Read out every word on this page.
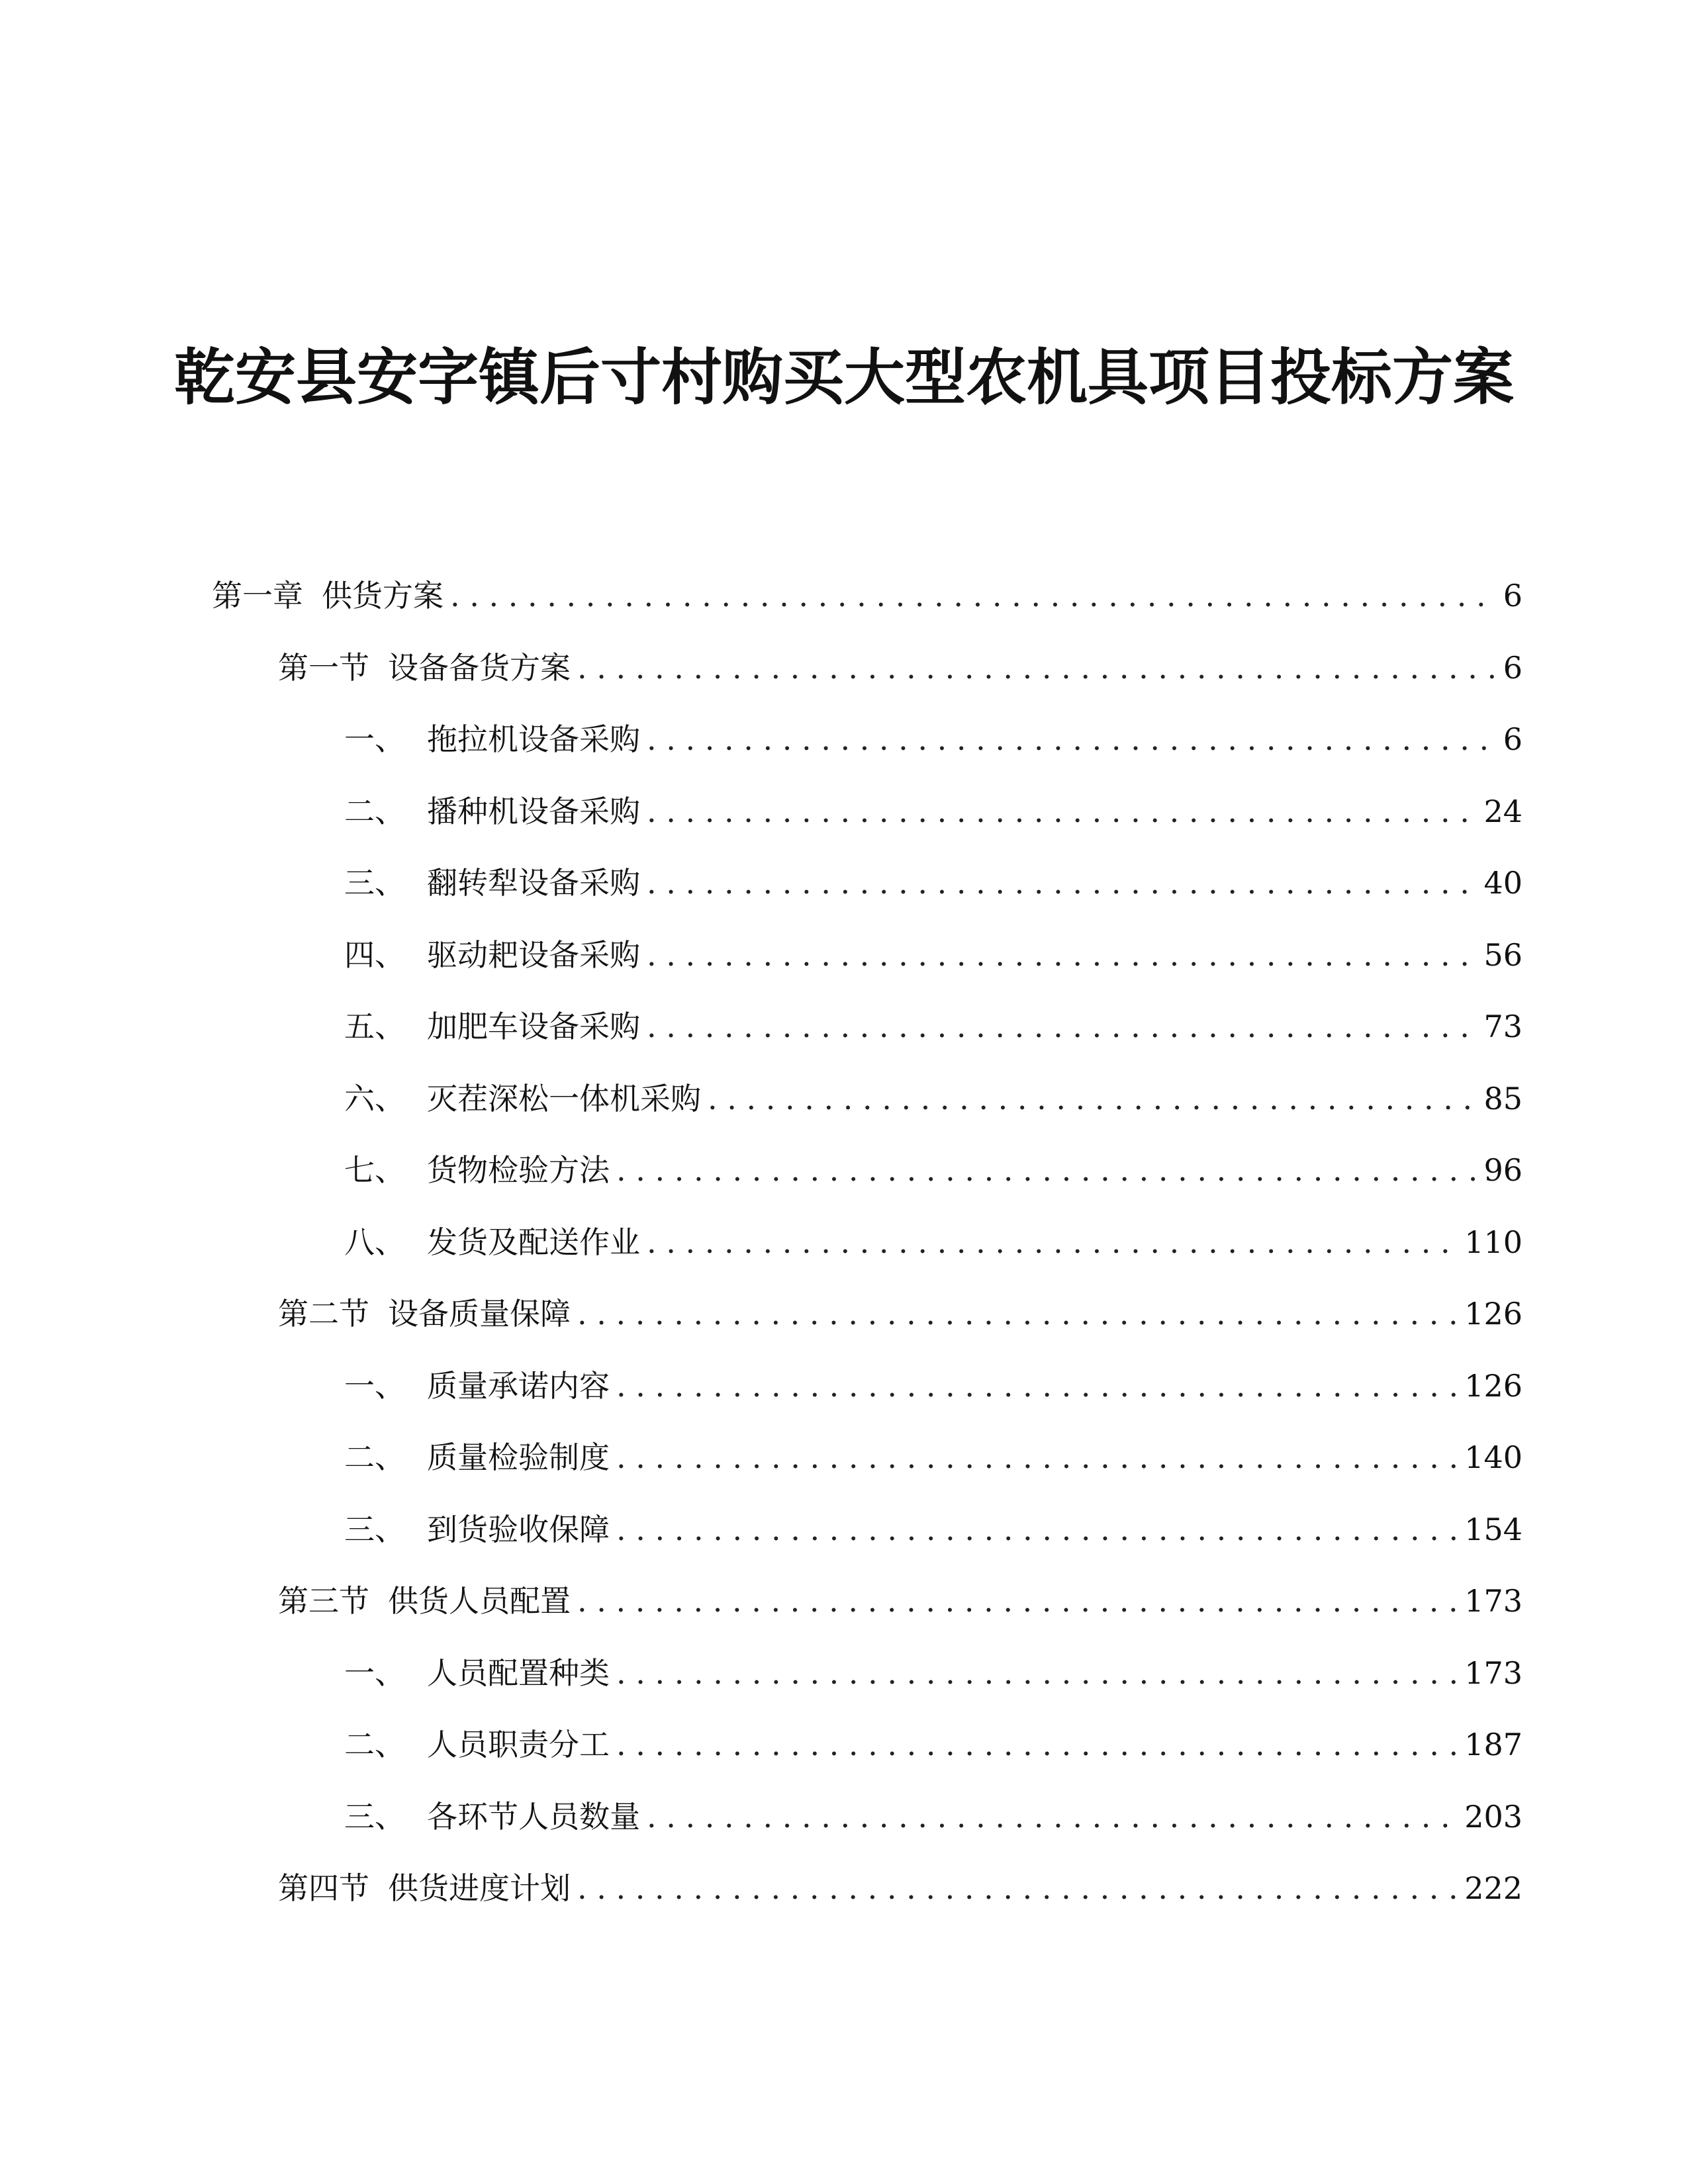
乾安县安字镇后寸村购买大型农机具项目投标方案
第一章 供货方案 . . .	6
第一节 设备备货方案 . . .	6
一、 拖拉机设备采购 . . .	6
二、 播种机设备采购 . . .	24
三、 翻转犁设备采购 . . .	40
四、 驱动耙设备采购 . . .	56
五、 加肥车设备采购 . . .	73
六、 灭茬深松一体机采购 . . .	85
七、 货物检验方法 . . .	96
八、 发货及配送作业 . . .	110
第二节 设备质量保障 . . .	126
一、 质量承诺内容 . . .	126
二、 质量检验制度 . . .	140
三、 到货验收保障 . . .	154
第三节 供货人员配置 . . .	173
一、 人员配置种类 . . .	173
二、 人员职责分工 . . .	187
三、 各环节人员数量 . . .	203
第四节 供货进度计划 . . .	222
